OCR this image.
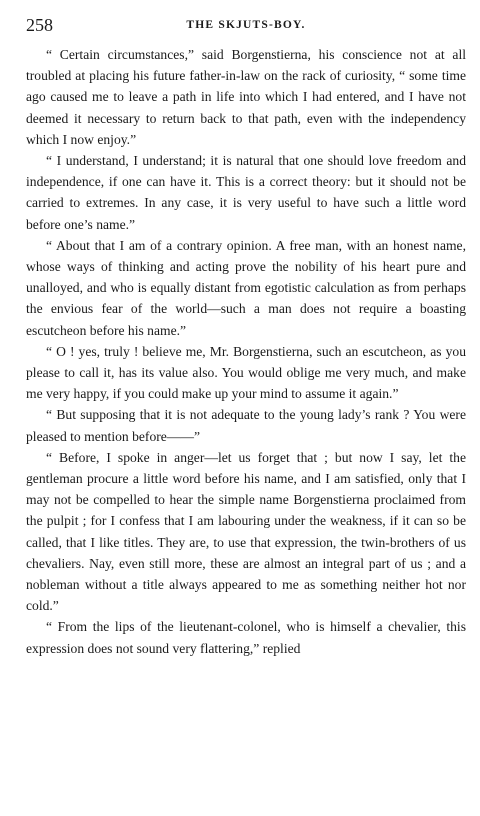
258	THE SKJUTS-BOY.

“ Certain circumstances,” said Borgenstierna, his conscience not at all troubled at placing his future father-in-law on the rack of curiosity, “ some time ago caused me to leave a path in life into which I had entered, and I have not deemed it necessary to return back to that path, even with the independency which I now enjoy.”

“ I understand, I understand; it is natural that one should love freedom and independence, if one can have it. This is a correct theory: but it should not be carried to extremes. In any case, it is very useful to have such a little word before one’s name.”

“ About that I am of a contrary opinion. A free man, with an honest name, whose ways of thinking and acting prove the nobility of his heart pure and unalloyed, and who is equally distant from egotistic calculation as from perhaps the envious fear of the world—such a man does not require a boasting escutcheon before his name.”

“ O ! yes, truly ! believe me, Mr. Borgenstierna, such an escutcheon, as you please to call it, has its value also. You would oblige me very much, and make me very happy, if you could make up your mind to assume it again.”

“ But supposing that it is not adequate to the young lady’s rank ? You were pleased to mention before——”

“ Before, I spoke in anger—let us forget that ; but now I say, let the gentleman procure a little word before his name, and I am satisfied, only that I may not be compelled to hear the simple name Borgenstierna proclaimed from the pulpit ; for I confess that I am labouring under the weakness, if it can so be called, that I like titles. They are, to use that expression, the twin-brothers of us chevaliers. Nay, even still more, these are almost an integral part of us ; and a nobleman without a title always appeared to me as something neither hot nor cold.”

“ From the lips of the lieutenant-colonel, who is himself a chevalier, this expression does not sound very flattering,” replied
